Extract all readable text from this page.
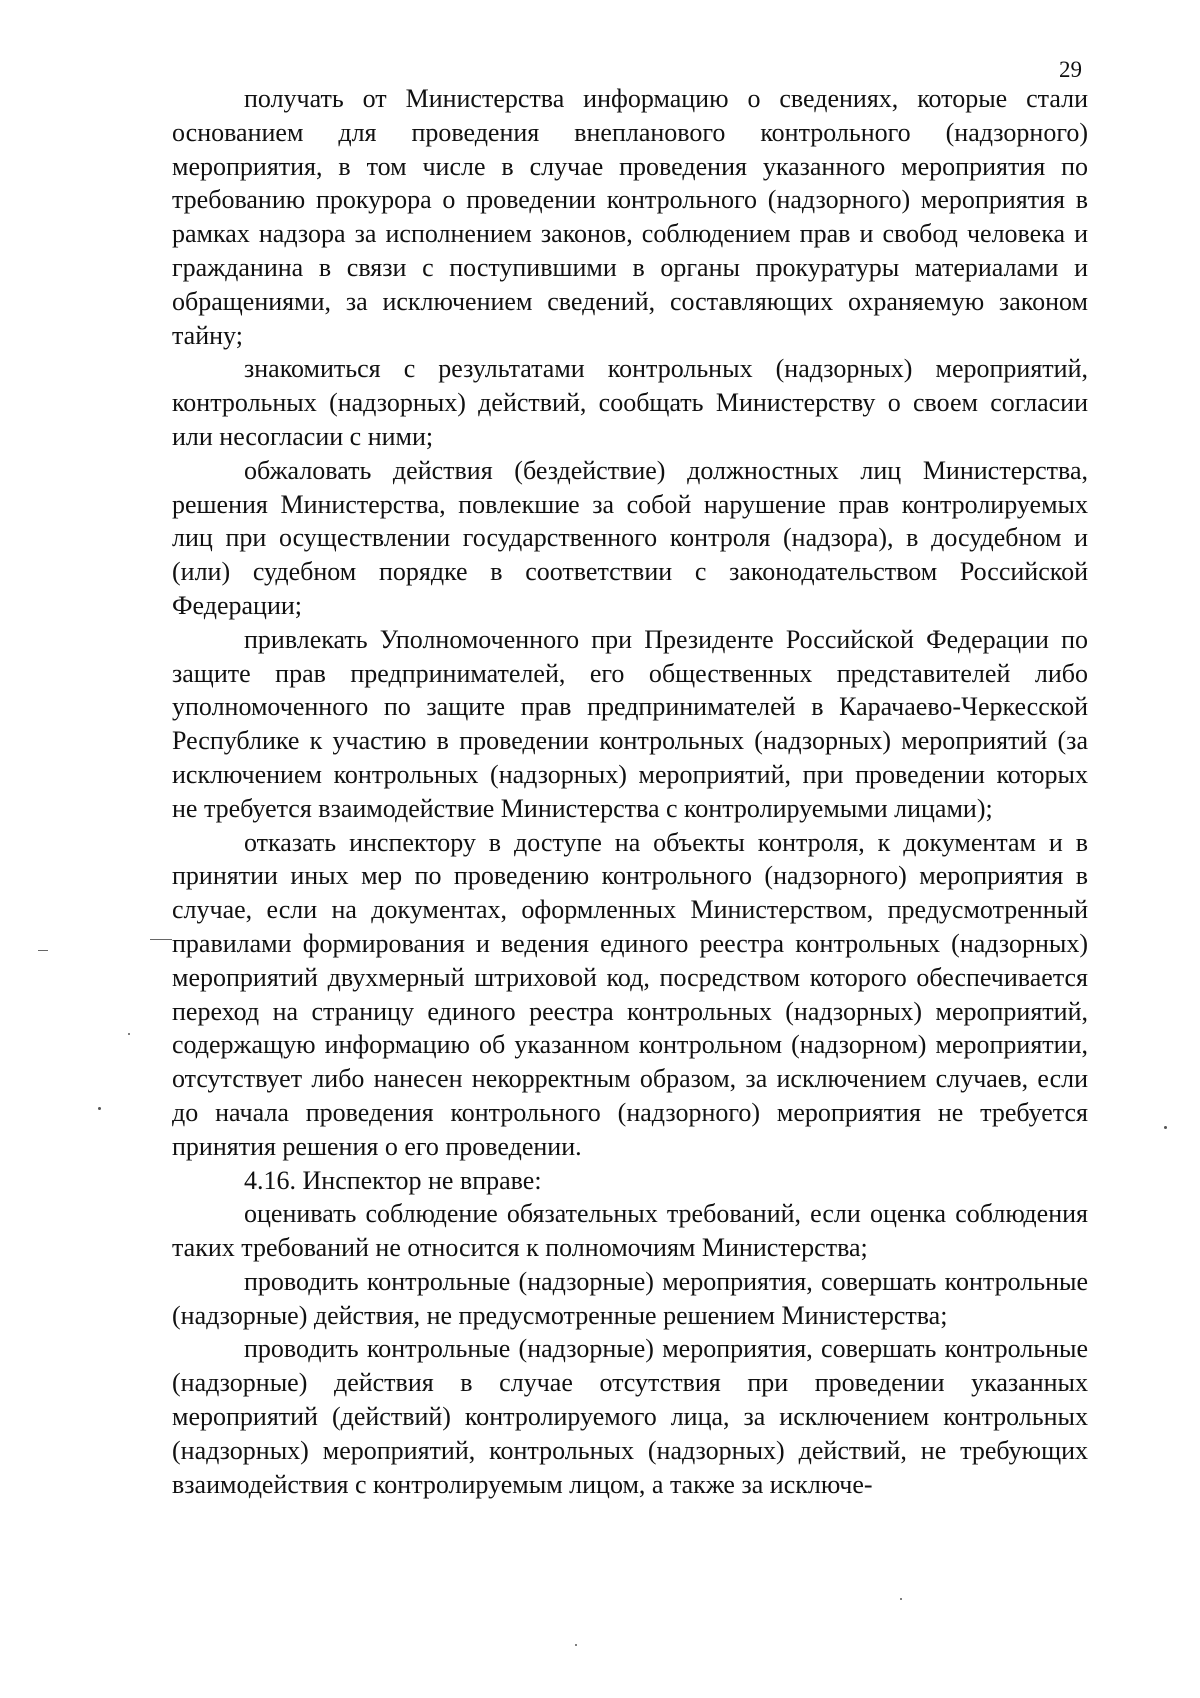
29

получать от Министерства информацию о сведениях, которые стали основанием для проведения внепланового контрольного (надзорного) мероприятия, в том числе в случае проведения указанного мероприятия по требованию прокурора о проведении контрольного (надзорного) мероприятия в рамках надзора за исполнением законов, соблюдением прав и свобод человека и гражданина в связи с поступившими в органы прокуратуры материалами и обращениями, за исключением сведений, составляющих охраняемую законом тайну;

знакомиться с результатами контрольных (надзорных) мероприятий, контрольных (надзорных) действий, сообщать Министерству о своем согласии или несогласии с ними;

обжаловать действия (бездействие) должностных лиц Министерства, решения Министерства, повлекшие за собой нарушение прав контролируемых лиц при осуществлении государственного контроля (надзора), в досудебном и (или) судебном порядке в соответствии с законодательством Российской Федерации;

привлекать Уполномоченного при Президенте Российской Федерации по защите прав предпринимателей, его общественных представителей либо уполномоченного по защите прав предпринимателей в Карачаево-Черкесской Республике к участию в проведении контрольных (надзорных) мероприятий (за исключением контрольных (надзорных) мероприятий, при проведении которых не требуется взаимодействие Министерства с контролируемыми лицами);

отказать инспектору в доступе на объекты контроля, к документам и в принятии иных мер по проведению контрольного (надзорного) мероприятия в случае, если на документах, оформленных Министерством, предусмотренный правилами формирования и ведения единого реестра контрольных (надзорных) мероприятий двухмерный штриховой код, посредством которого обеспечивается переход на страницу единого реестра контрольных (надзорных) мероприятий, содержащую информацию об указанном контрольном (надзорном) мероприятии, отсутствует либо нанесен некорректным образом, за исключением случаев, если до начала проведения контрольного (надзорного) мероприятия не требуется принятия решения о его проведении.

4.16. Инспектор не вправе:

оценивать соблюдение обязательных требований, если оценка соблюдения таких требований не относится к полномочиям Министерства;

проводить контрольные (надзорные) мероприятия, совершать контрольные (надзорные) действия, не предусмотренные решением Министерства;

проводить контрольные (надзорные) мероприятия, совершать контрольные (надзорные) действия в случае отсутствия при проведении указанных мероприятий (действий) контролируемого лица, за исключением контрольных (надзорных) мероприятий, контрольных (надзорных) действий, не требующих взаимодействия с контролируемым лицом, а также за исключе-
